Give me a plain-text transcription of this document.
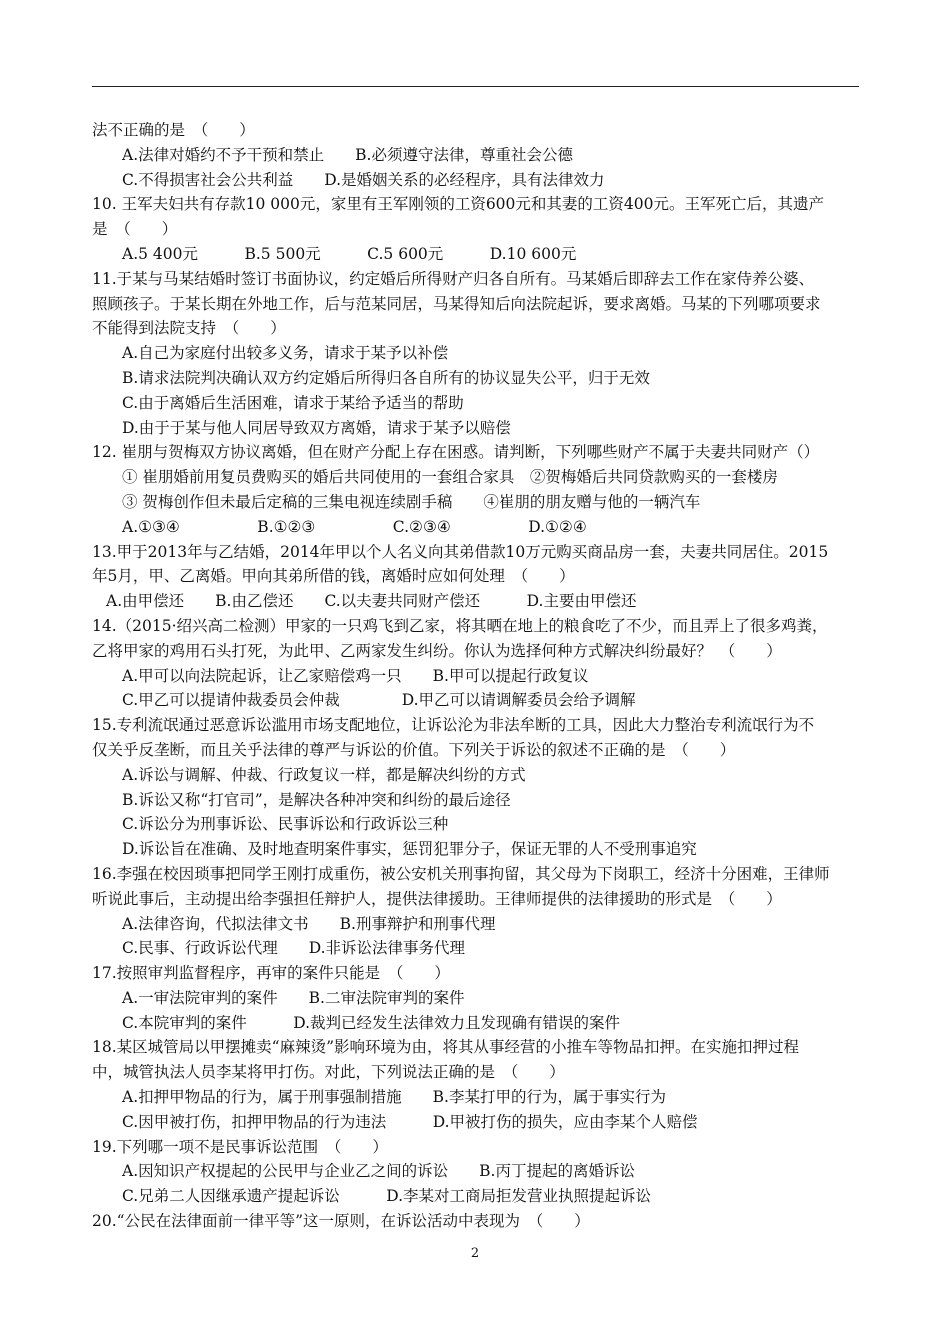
法不正确的是　（　　）
A.法律对婚约不予干预和禁止　　B.必须遵守法律，尊重社会公德
C.不得损害社会公共利益　　D.是婚姻关系的必经程序，具有法律效力
10. 王军夫妇共有存款10 000元，家里有王军刚领的工资600元和其妻的工资400元。王军死亡后，其遗产
是　（　　）
A.5 400元　　　B.5 500元　　　C.5 600元　　　D.10 600元
11.于某与马某结婚时签订书面协议，约定婚后所得财产归各自所有。马某婚后即辞去工作在家侍养公婆、
照顾孩子。于某长期在外地工作，后与范某同居，马某得知后向法院起诉，要求离婚。马某的下列哪项要求
不能得到法院支持　（　　）
A.自己为家庭付出较多义务，请求于某予以补偿
B.请求法院判决确认双方约定婚后所得归各自所有的协议显失公平，归于无效
C.由于离婚后生活困难，请求于某给予适当的帮助
D.由于于某与他人同居导致双方离婚，请求于某予以赔偿
12. 崔朋与贺梅双方协议离婚，但在财产分配上存在困惑。请判断，下列哪些财产不属于夫妻共同财产（）
① 崔朋婚前用复员费购买的婚后共同使用的一套组合家具　②贺梅婚后共同贷款购买的一套楼房
③ 贺梅创作但未最后定稿的三集电视连续剧手稿　　④崔朋的朋友赠与他的一辆汽车
A.①③④　　　　　B.①②③　　　　　C.②③④　　　　　D.①②④
13.甲于2013年与乙结婚，2014年甲以个人名义向其弟借款10万元购买商品房一套，夫妻共同居住。2015
年5月，甲、乙离婚。甲向其弟所借的钱，离婚时应如何处理　（　　）
A.由甲偿还　　B.由乙偿还　　C.以夫妻共同财产偿还　　　D.主要由甲偿还
14.（2015·绍兴高二检测）甲家的一只鸡飞到乙家，将其晒在地上的粮食吃了不少，而且弄上了很多鸡粪，
乙将甲家的鸡用石头打死，为此甲、乙两家发生纠纷。你认为选择何种方式解决纠纷最好？　（　　）
A.甲可以向法院起诉，让乙家赔偿鸡一只　　B.甲可以提起行政复议
C.甲乙可以提请仲裁委员会仲裁　　　　D.甲乙可以请调解委员会给予调解
15.专利流氓通过恶意诉讼滥用市场支配地位，让诉讼沦为非法牟断的工具，因此大力整治专利流氓行为不
仅关乎反垄断，而且关乎法律的尊严与诉讼的价值。下列关于诉讼的叙述不正确的是　（　　）
A.诉讼与调解、仲裁、行政复议一样，都是解决纠纷的方式
B.诉讼又称“打官司”，是解决各种冲突和纠纷的最后途径
C.诉讼分为刑事诉讼、民事诉讼和行政诉讼三种
D.诉讼旨在准确、及时地查明案件事实，惩罚犯罪分子，保证无罪的人不受刑事追究
16.李强在校因琐事把同学王刚打成重伤，被公安机关刑事拘留，其父母为下岗职工，经济十分困难，王律师
听说此事后，主动提出给李强担任辩护人，提供法律援助。王律师提供的法律援助的形式是　（　　）
A.法律咨询，代拟法律文书　　B.刑事辩护和刑事代理
C.民事、行政诉讼代理　　D.非诉讼法律事务代理
17.按照审判监督程序，再审的案件只能是　（　　）
A.一审法院审判的案件　　B.二审法院审判的案件
C.本院审判的案件　　　D.裁判已经发生法律效力且发现确有错误的案件
18.某区城管局以甲摆摊卖“麻辣烫”影响环境为由，将其从事经营的小推车等物品扣押。在实施扣押过程
中，城管执法人员李某将甲打伤。对此，下列说法正确的是　（　　）
A.扣押甲物品的行为，属于刑事强制措施　　B.李某打甲的行为，属于事实行为
C.因甲被打伤，扣押甲物品的行为违法　　　D.甲被打伤的损失，应由李某个人赔偿
19.下列哪一项不是民事诉讼范围　（　　）
A.因知识产权提起的公民甲与企业乙之间的诉讼　　B.丙丁提起的离婚诉讼
C.兄弟二人因继承遗产提起诉讼　　　D.李某对工商局拒发营业执照提起诉讼
20.“公民在法律面前一律平等”这一原则，在诉讼活动中表现为　（　　）
2
